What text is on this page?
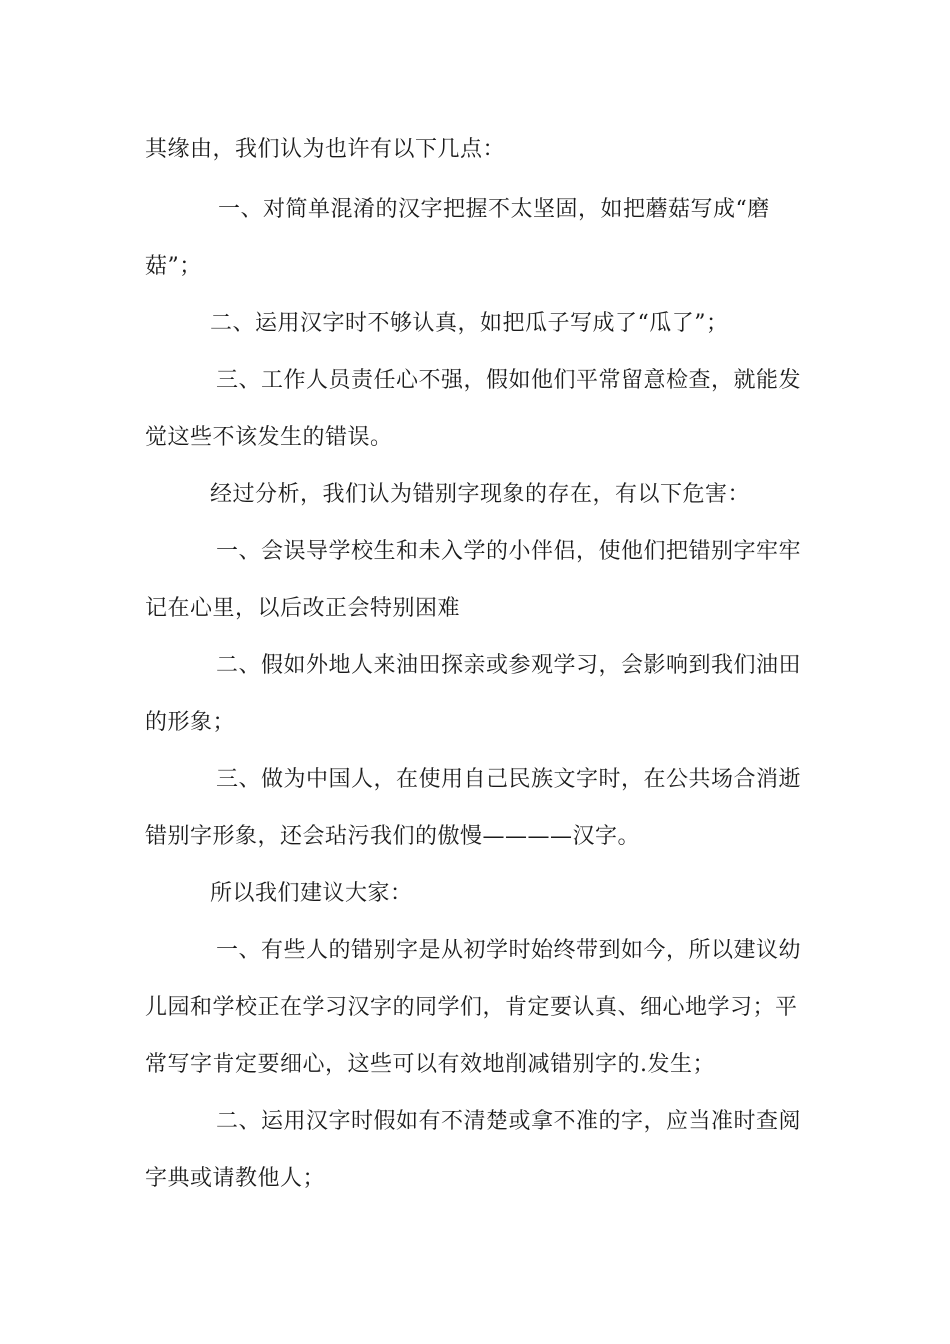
其缘由，我们认为也许有以下几点：

一、对简单混淆的汉字把握不太坚固，如把蘑菇写成“磨

菇”；

二、运用汉字时不够认真，如把瓜子写成了“瓜了”；

三、工作人员责任心不强，假如他们平常留意检查，就能发

觉这些不该发生的错误。

经过分析，我们认为错别字现象的存在，有以下危害：

一、会误导学校生和未入学的小伴侣，使他们把错别字牢牢

记在心里，以后改正会特别困难

二、假如外地人来油田探亲或参观学习，会影响到我们油田

的形象；

三、做为中国人，在使用自己民族文字时，在公共场合消逝

错别字形象，还会玷污我们的傲慢————汉字。

所以我们建议大家：

一、有些人的错别字是从初学时始终带到如今，所以建议幼

儿园和学校正在学习汉字的同学们，肯定要认真、细心地学习；平

常写字肯定要细心，这些可以有效地削减错别字的.发生；

二、运用汉字时假如有不清楚或拿不准的字，应当准时查阅

字典或请教他人；
